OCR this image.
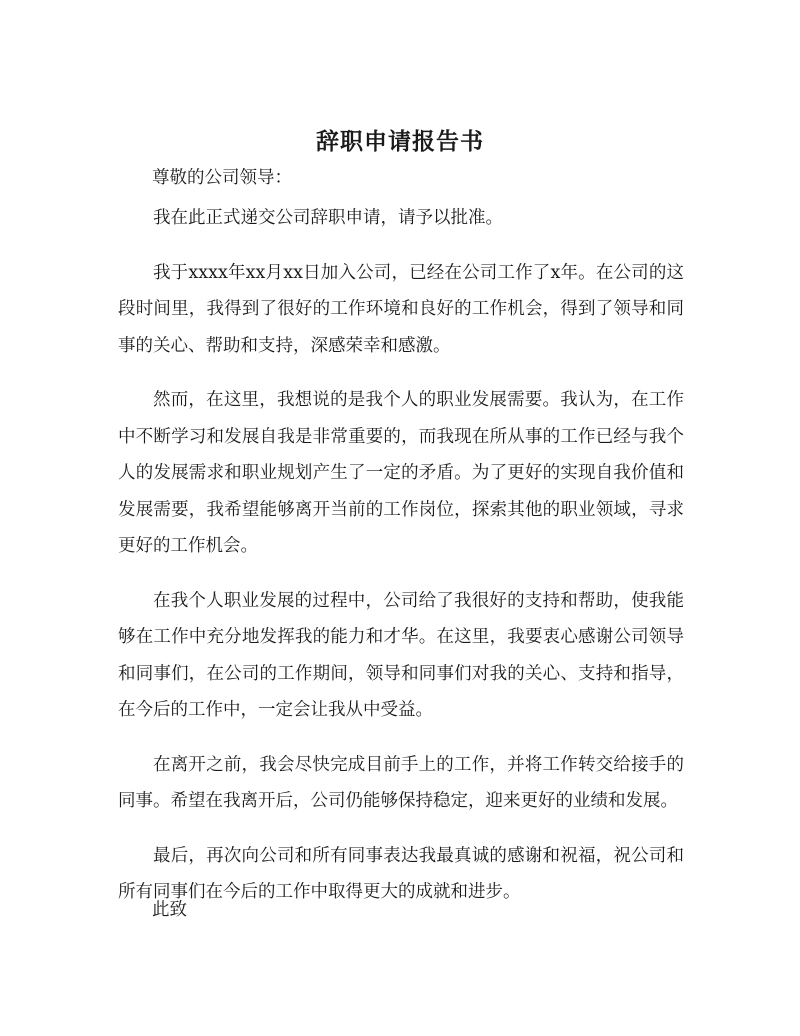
辞职申请报告书
尊敬的公司领导：

我在此正式递交公司辞职申请，请予以批准。

我于xxxx年xx月xx日加入公司，已经在公司工作了x年。在公司的这段时间里，我得到了很好的工作环境和良好的工作机会，得到了领导和同事的关心、帮助和支持，深感荣幸和感激。

然而，在这里，我想说的是我个人的职业发展需要。我认为，在工作中不断学习和发展自我是非常重要的，而我现在所从事的工作已经与我个人的发展需求和职业规划产生了一定的矛盾。为了更好的实现自我价值和发展需要，我希望能够离开当前的工作岗位，探索其他的职业领域，寻求更好的工作机会。

在我个人职业发展的过程中，公司给了我很好的支持和帮助，使我能够在工作中充分地发挥我的能力和才华。在这里，我要衷心感谢公司领导和同事们，在公司的工作期间，领导和同事们对我的关心、支持和指导，在今后的工作中，一定会让我从中受益。

在离开之前，我会尽快完成目前手上的工作，并将工作转交给接手的同事。希望在我离开后，公司仍能够保持稳定，迎来更好的业绩和发展。

最后，再次向公司和所有同事表达我最真诚的感谢和祝福，祝公司和所有同事们在今后的工作中取得更大的成就和进步。

此致
